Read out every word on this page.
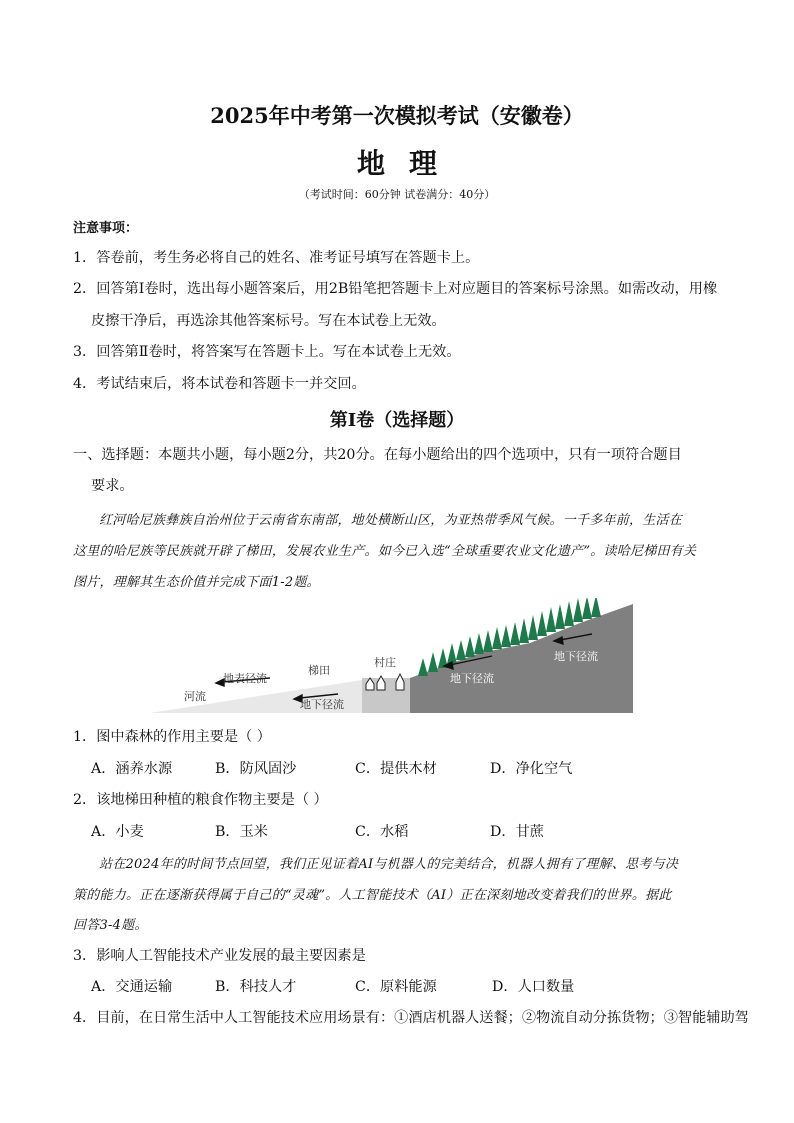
2025年中考第一次模拟考试（安徽卷）
地理
（考试时间：60分钟 试卷满分：40分）
注意事项：
1．答卷前，考生务必将自己的姓名、准考证号填写在答题卡上。
2．回答第Ⅰ卷时，选出每小题答案后，用2B铅笔把答题卡上对应题目的答案标号涂黑。如需改动，用橡
皮擦干净后，再选涂其他答案标号。写在本试卷上无效。
3．回答第Ⅱ卷时，将答案写在答题卡上。写在本试卷上无效。
4．考试结束后，将本试卷和答题卡一并交回。
第Ⅰ卷（选择题）
一、选择题：本题共小题，每小题2分，共20分。在每小题给出的四个选项中，只有一项符合题目
要求。
红河哈尼族彝族自治州位于云南省东南部，地处横断山区，为亚热带季风气候。一千多年前，生活在
这里的哈尼族等民族就开辟了梯田，发展农业生产。如今已入选“全球重要农业文化遗产”。读哈尼梯田有关
图片，理解其生态价值并完成下面1-2题。
森林
地下径流
村庄
梯田
地表径流
河流
地下径流
地下径流
1．图中森林的作用主要是（ ）
A．涵养水源	B．防风固沙	C．提供木材	D．净化空气
2．该地梯田种植的粮食作物主要是（ ）
A．小麦	B．玉米	C．水稻	D．甘蔗
站在2024年的时间节点回望，我们正见证着AI与机器人的完美结合，机器人拥有了理解、思考与决
策的能力。正在逐渐获得属于自己的“灵魂”。人工智能技术（AI）正在深刻地改变着我们的世界。据此
回答3-4题。
3．影响人工智能技术产业发展的最主要因素是
A．交通运输	B．科技人才	C．原料能源	D．人口数量
4．目前，在日常生活中人工智能技术应用场景有：①酒店机器人送餐；②物流自动分拣货物；③智能辅助驾
